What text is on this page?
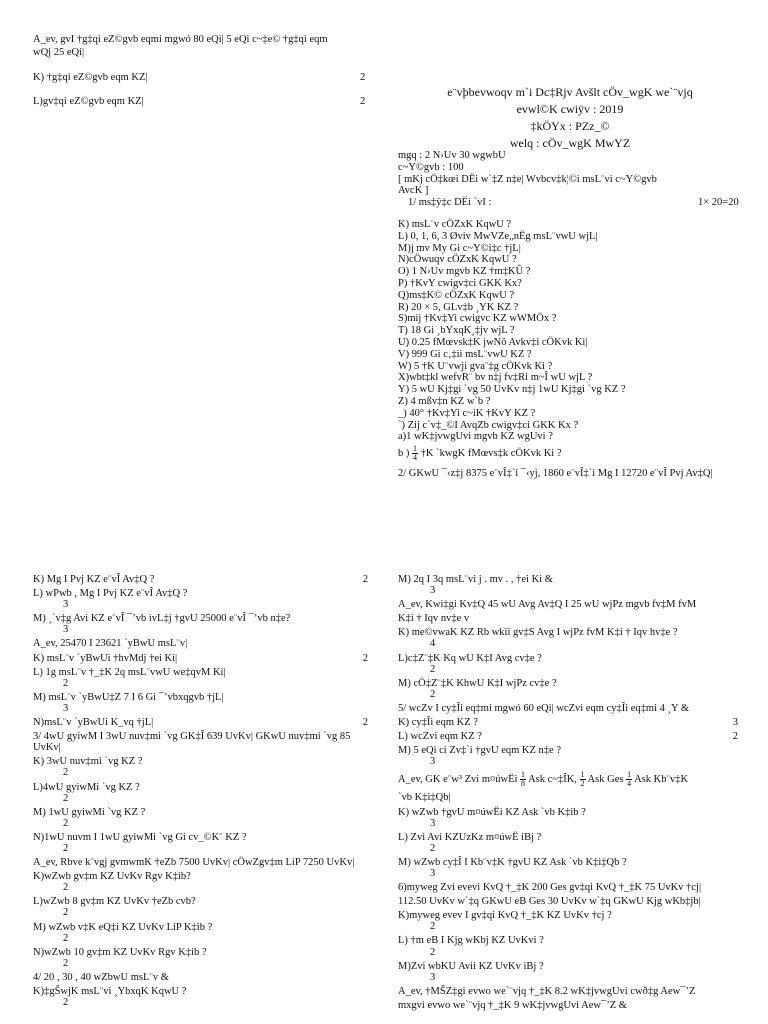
A_ev, gvI †g‡qi eZ©gvb eqmi mgwó 80 eQi| 5 eQi c~‡e© †g‡qi eqm
wQj 25 eQi|
K) †g‡qi eZ©gvb eqm KZ|	2
L)gv‡qi eZ©gvb eqm KZ|	2
e¨vþbevwoqv m`i Dc‡Rjv Avšlt cÖv_wgK we`¨vjq
evwl©K cwiÿv : 2019
‡kÖYx : PZz_©
welq : cÖv_wgK MwYZ
mgq : 2 N›Uv 30 wgwbU
c~Y©gvb : 100
[ mKj cÖ‡kœi DËi w`‡Z n‡e| Wvbcv‡k¦©i msL¨vi c~Y©gvb
AvcK ]
1/ ms‡ÿ‡c DËi `vI :	1× 20=20
K) msL¨v cÖZxK KqwU ?
L) 0, 1, 6, 3 Øviv MwVZe„nËg msL¨vwU wjL|
M)j mv My Gi c~Y©i‡c †jL|
N)cÖwuqv cÖZxK KqwU ?
O) 1 N›Uv mgvb KZ †m‡KÛ ?
P) †KvY cwigv‡ci GKK Kx?
Q)ms‡K© cÖZxK KqwU ?
R) 20 × 5, GLv‡b ¸YK KZ ?
S)mij †Kv‡Yi cwigvc KZ wWMÖx ?
T) 18 Gi ¸bYxqK¸‡jv wjL ?
U) 0.25 fMœvsk‡K jwNô Avkv‡i cÖKvk Ki|
V) 999 Gi c‚‡ii msL¨vwU KZ ?
W) 5 †K U¨vwji gva¨‡g cÖKvk Ki ?
X)wbt‡kl wefvR¨ bv n‡j fv‡Ri m~Î wU wjL ?
Y) 5 wU Kj‡gi `vg 50 UvKv n‡j 1wU Kj‡gi `vg KZ ?
Z) 4 mßv‡n KZ w`b ?
_) 40° †Kv‡Yi c~iK †KvY KZ ?
`) Zij c`v‡_©I AvqZb cwigv‡ci GKK Kx ?
a)1 wK‡jvwgUvi mgvb KZ wgUvi ?
b ) $\frac{1}{4}$ †K `kwgK fMœvs‡k cÖKvk Ki ?
2/ GKwU ¯‹z‡j 8375 e¨vÎ‡`i ¯‹yj, 1860 e¨vÎ‡`i Mg I 12720 e¨vÎ Pvj Av‡Q|
K) Mg I Pvj KZ e¨vÎ Av‡Q ?	2
L) wPwb , Mg I Pvj KZ e¨vÎ Av‡Q ?
3
M) ¸`v‡g Avi KZ e¨vÎ ¯’vb ivL‡j †gvU 25000 e¨vÎ ¯’vb n‡e?
3
A_ev, 25470 I 23621 `yBwU msL¨v|
K) msL¨v `yBwUi †hvMdj †ei Ki|	2
L) 1g msL¨v †_‡K 2q msL¨vwU we‡qvM Ki|
2
M) msL¨v `yBwU‡Z 7 I 6 Gi ¯’vbxqgvb †jL|
3
N)msL¨v `yBwUi K_vq †jL|	2
3/ 4wU gyiwM I 3wU nuv‡mi `vg GK‡Î 639 UvKv| GKwU nuv‡mi `vg 85 UvKv|
K) 3wU nuv‡mi `vg KZ ?
2
L)4wU gyiwMi `vg KZ ?
2
M) 1wU gyiwMi `vg KZ ?
2
N)1wU nuvm I 1wU gyiwMi `vg Gi cv_©K¨ KZ ?
2
A_ev, Rbve k¨vgj gvmwmK †eZb 7500 UvKv| cÖwZgv‡m LiP 7250 UvKv|
K)wZwb gv‡m KZ UvKv Rgv K‡ib?
2
L)wZwb 8 gv‡m KZ UvKv †eZb cvb?
2
M) wZwb v‡K eQ‡i KZ UvKv LiP K‡ib ?
2
N)wZwb 10 gv‡m KZ UvKv Rgv K‡ib ?
2
4/ 20 , 30 , 40 wZbwU msL¨v &
K)‡gŠwjK msL¨vi ¸YbxqK KqwU ?
2
M) 2q I 3q msL¨vi j . mv . , †ei Ki &
3
A_ev, Kwi‡gi Kv‡Q 45 wU Avg Av‡Q I 25 wU wjPz mgvb fv‡M fvM
K‡i † Iqv nv‡e v
K) me©vwaK KZ Rb wkïi gv‡S Avg I wjPz fvM K‡i † Iqv hv‡e ?
4
L)c‡Z¨‡K Kq wU K‡I Avg cv‡e ?
2
M) cÖ‡Z¨‡K KhwU K‡I wjPz cv‡e ?
2
5/ wcZv I cy‡Îi eq‡mi mgwó 60 eQi| wcZvi eqm cy‡Îi eq‡mi 4 ¸Y &
K) cy‡Îi eqm KZ ?	3
L) wcZvi eqm KZ ?	2
M) 5 eQi ci Zv‡`i †gvU eqm KZ n‡e ?
3
A_ev, GK e¨w³ Zvi m¤úwËi $\frac{1}{8}$ Ask c~‡ÎK, $\frac{1}{2}$ Ask Ges $\frac{1}{4}$ Ask Kb¨v‡K
`vb K‡i‡Qb|
K) wZwb †gvU m¤úwËi KZ Ask `vb K‡ib ?
3
L) Zvi Avi KZUzKz m¤úwË iBj ?
2
M) wZwb cy‡Î I Kb¨v‡K †gvU KZ Ask `vb K‡i‡Qb ?
3
6)myweg Zvi evevi KvQ †_‡K 200 Ges gv‡qi KvQ †_‡K 75 UvKv †cj|
112.50 UvKv w`‡q GKwU eB Ges 30 UvKv w`‡q GKwU Kjg wKb‡jb|
K)myweg evev I gv‡qi KvQ †_‡K KZ UvKv †cj ?
2
L) †m eB I Kjg wKbj KZ UvKvi ?
2
M)Zvi wbKU Avii KZ UvKv iBj ?
3
A_ev, †MŠZ‡gi evwo we`¨vjq †_‡K 8.2 wK‡jvwgUvi cwð‡g Aew¯’Z
mxgvi evwo we`¨vjq †_‡K 9 wK‡jvwgUvi Aew¯’Z &
